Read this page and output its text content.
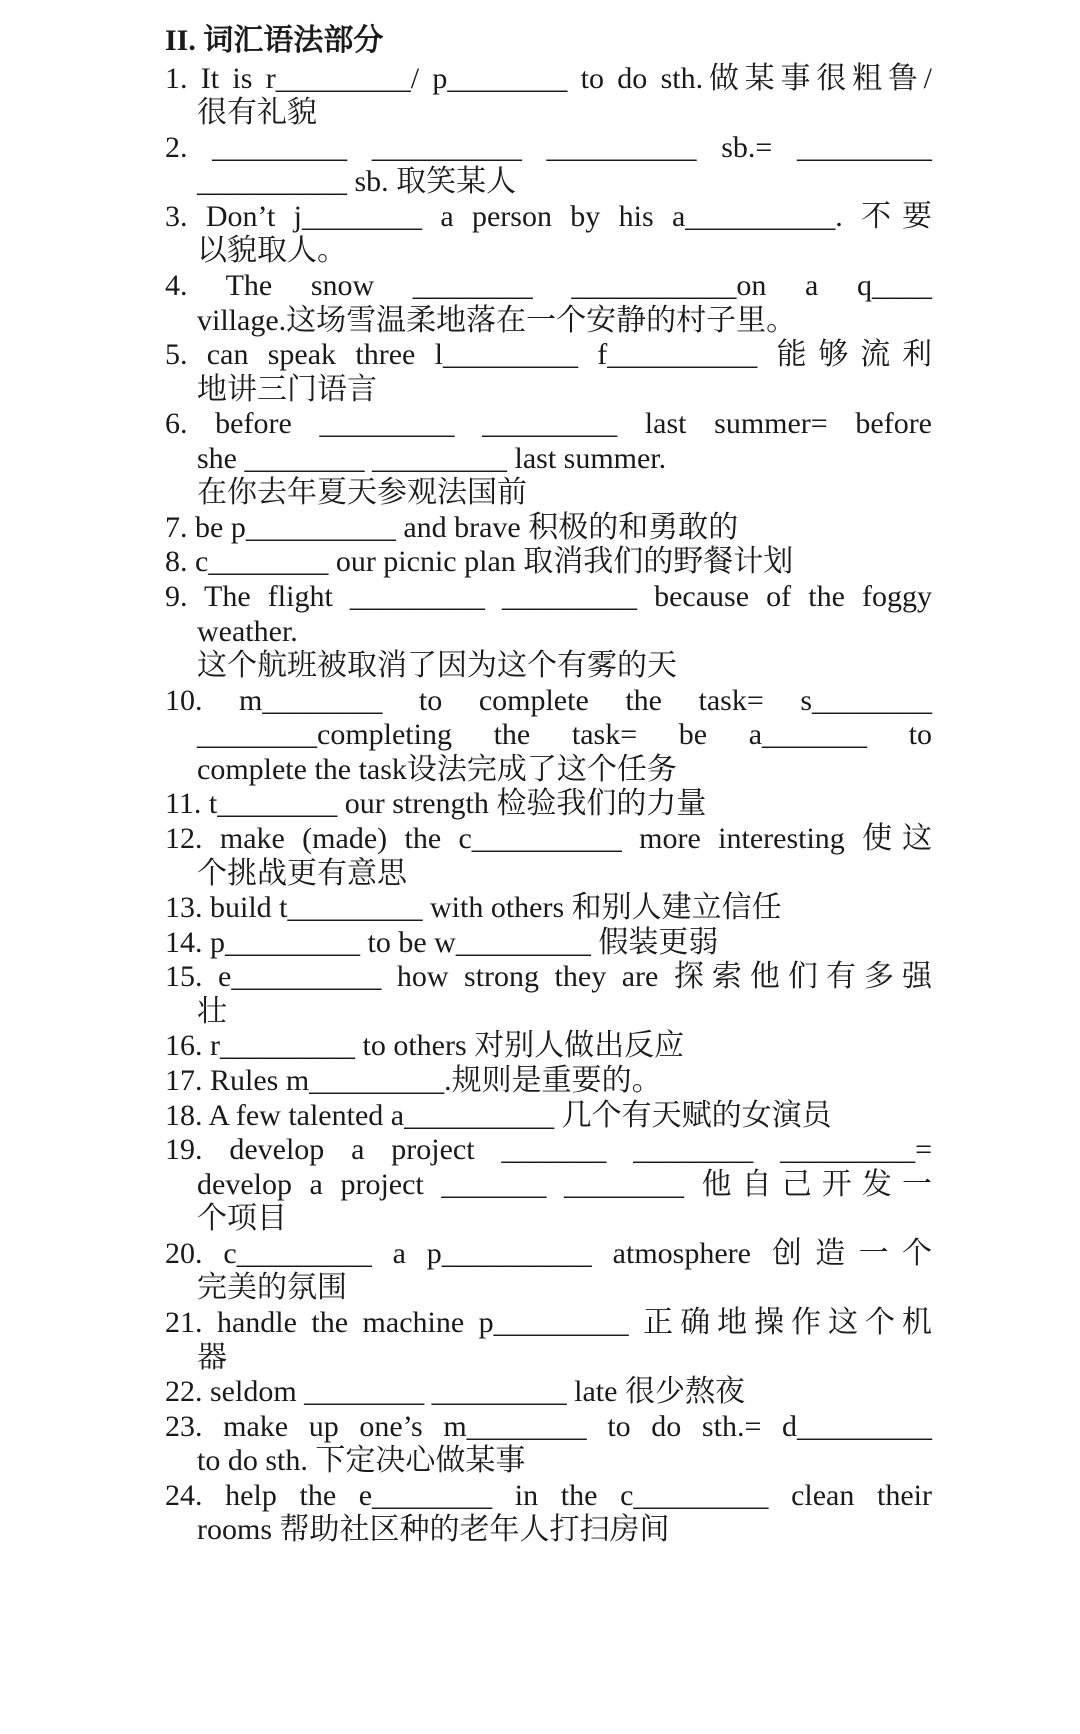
II. 词汇语法部分
1. It is r_________/ p________ to do sth.做某事很粗鲁/
很有礼貌
2. _________ __________ __________ sb.= _________
__________ sb. 取笑某人
3. Don’t j________ a person by his a__________. 不要
以貌取人。
4. The snow ________ ___________on a q____
village.这场雪温柔地落在一个安静的村子里。
5. can speak three l_________ f__________ 能够流利
地讲三门语言
6. before _________ _________ last summer= before
she ________ _________ last summer.
在你去年夏天参观法国前
7. be p__________ and brave 积极的和勇敢的
8. c________ our picnic plan 取消我们的野餐计划
9. The flight _________ _________ because of the foggy
weather.
这个航班被取消了因为这个有雾的天
10. m________ to complete the task= s________
________completing the task= be a_______ to
complete the task设法完成了这个任务
11. t________ our strength 检验我们的力量
12. make (made) the c__________ more interesting 使这
个挑战更有意思
13. build t_________ with others 和别人建立信任
14. p_________ to be w_________ 假装更弱
15. e__________ how strong they are 探索他们有多强
壮
16. r_________ to others 对别人做出反应
17. Rules m_________.规则是重要的。
18. A few talented a__________ 几个有天赋的女演员
19. develop a project _______ ________ _________=
develop a project _______ ________ 他自己开发一
个项目
20. c_________ a p__________ atmosphere 创造一个
完美的氛围
21. handle the machine p_________ 正确地操作这个机
器
22. seldom ________ _________ late 很少熬夜
23. make up one’s m________ to do sth.= d_________
to do sth. 下定决心做某事
24. help the e________ in the c_________ clean their
rooms 帮助社区种的老年人打扫房间
